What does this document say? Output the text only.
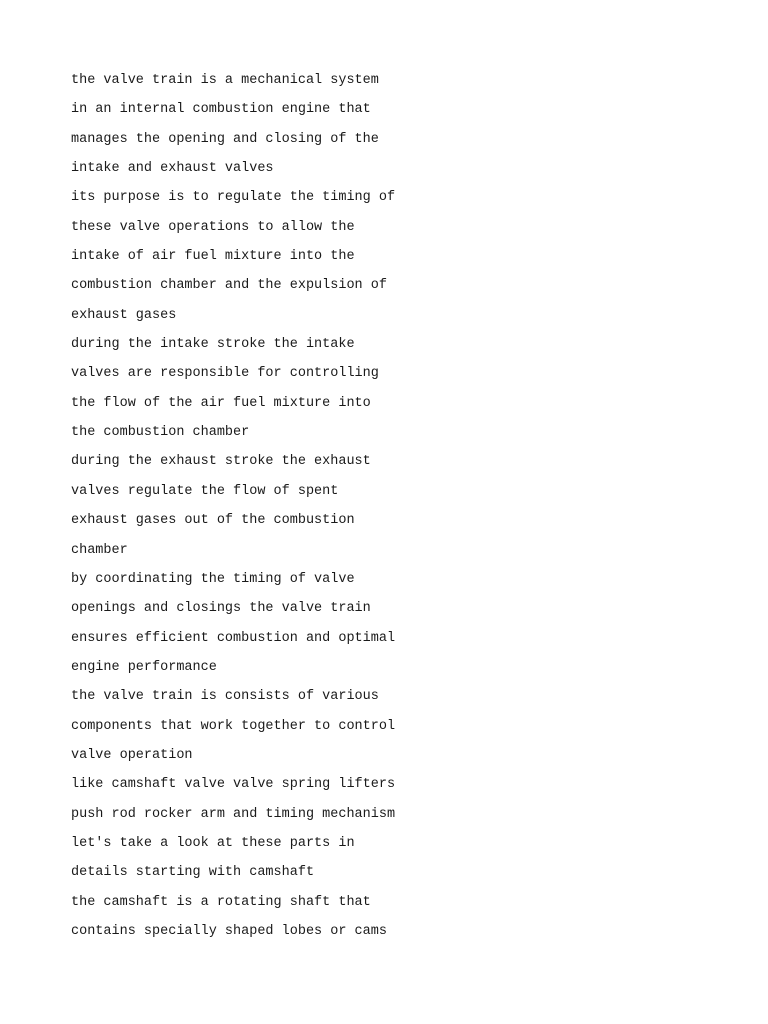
the valve train is a mechanical system

in an internal combustion engine that

manages the opening and closing of the

intake and exhaust valves

its purpose is to regulate the timing of

these valve operations to allow the

intake of air fuel mixture into the

combustion chamber and the expulsion of

exhaust gases

during the intake stroke the intake

valves are responsible for controlling

the flow of the air fuel mixture into

the combustion chamber

during the exhaust stroke the exhaust

valves regulate the flow of spent

exhaust gases out of the combustion

chamber

by coordinating the timing of valve

openings and closings the valve train

ensures efficient combustion and optimal

engine performance

the valve train is consists of various

components that work together to control

valve operation

like camshaft valve valve spring lifters

push rod rocker arm and timing mechanism

let's take a look at these parts in

details starting with camshaft

the camshaft is a rotating shaft that

contains specially shaped lobes or cams
